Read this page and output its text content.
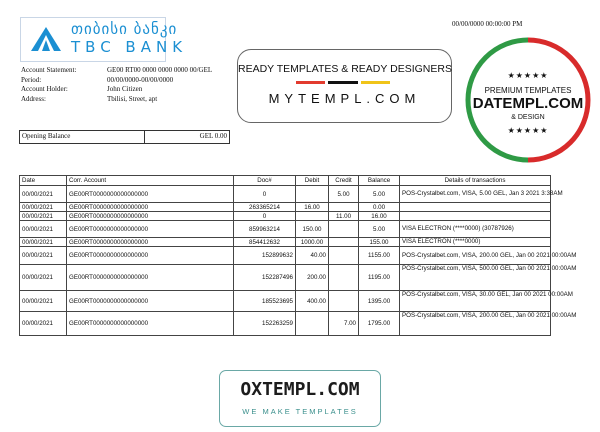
თიბისი ბანკი
TBC BANK
00/00/0000 00:00:00 PM
Account Statement:	GE00 RT00 0000 0000 0000 00/GEL
Period:	00/00/0000-00/00/0000
Account Holder:	John Citizen
Address:	Tbilisi, Street, apt
READY TEMPLATES & READY DESIGNERS
MYTEMPL.COM
★★★★★
PREMIUM TEMPLATES
DATEMPL.COM
& DESIGN
★★★★★
Opening Balance	GEL 0.00
Date	Corr. Account	Doc#	Debit	Credit	Balance	Details of transactions
00/00/2021	GE00RT0000000000000000	0		5.00	5.00	POS-Crystalbet.com, VISA, 5.00 GEL, Jan 3 2021 3:38AM
00/00/2021	GE00RT0000000000000000	263365214	16.00		0.00	
00/00/2021	GE00RT0000000000000000	0		11.00	16.00	
00/00/2021	GE00RT0000000000000000	859963214	150.00		5.00	VISA ELECTRON (****0000) (30787926)
00/00/2021	GE00RT0000000000000000	854412632	1000.00		155.00	VISA ELECTRON (****0000)
00/00/2021	GE00RT0000000000000000	152899632	40.00		1155.00	POS-Crystalbet.com, VISA, 200.00 GEL, Jan 00 2021 00:00AM
00/00/2021	GE00RT0000000000000000	152287496	200.00		1195.00	POS-Crystalbet.com, VISA, 500.00 GEL, Jan 00 2021 00:00AM
00/00/2021	GE00RT0000000000000000	185523695	400.00		1395.00	POS-Crystalbet.com, VISA, 30.00 GEL, Jan 00 2021 00:00AM
00/00/2021	GE00RT0000000000000000	152263259		7.00	1795.00	POS-Crystalbet.com, VISA, 200.00 GEL, Jan 00 2021 00:00AM
OXTEMPL.COM
WE MAKE TEMPLATES
